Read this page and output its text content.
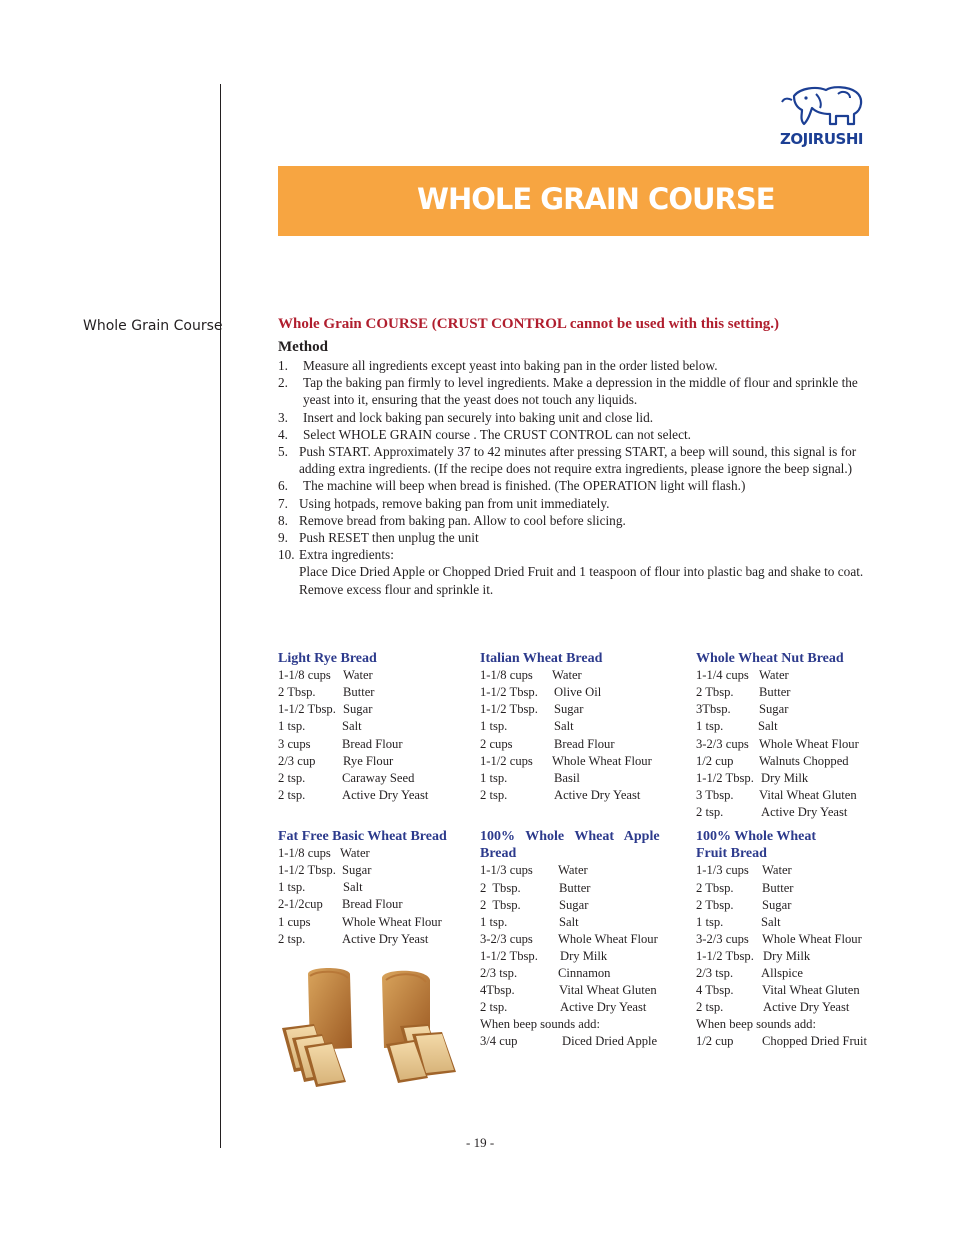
Whole Grain Course
ZOJIRUSHI
WHOLE GRAIN COURSE
Whole Grain COURSE (CRUST CONTROL cannot be used with this setting.)
Method
1.	Measure all ingredients except yeast into baking pan in the order listed below.
2.	Tap the baking pan firmly to level ingredients. Make a depression in the middle of flour and sprinkle the yeast into it, ensuring that the yeast does not touch any liquids.
3.	Insert and lock baking pan securely into baking unit and close lid.
4.	Select WHOLE GRAIN course . The CRUST CONTROL can not select.
5. Push START. Approximately 37 to 42 minutes after pressing START, a beep will sound, this signal is for adding extra ingredients. (If the recipe does not require extra ingredients, please ignore the beep signal.)
6.	The machine will beep when bread is finished. (The OPERATION light will flash.)
7. Using hotpads, remove baking pan from unit immediately.
8. Remove bread from baking pan. Allow to cool before slicing.
9. Push RESET then unplug the unit
10. Extra ingredients:
Place Dice Dried Apple or Chopped Dried Fruit and 1 teaspoon of flour into plastic bag and shake to coat. Remove excess flour and sprinkle it.
Light Rye Bread
1-1/8 cups Water
2 Tbsp.	Butter
1-1/2 Tbsp. Sugar
1 tsp.	Salt
3 cups	Bread Flour
2/3 cup	Rye Flour
2 tsp.	Caraway Seed
2 tsp.	Active Dry Yeast
Italian Wheat Bread
1-1/8 cups	Water
1-1/2 Tbsp.	Olive Oil
1-1/2 Tbsp.	Sugar
1 tsp.	Salt
2 cups	Bread Flour
1-1/2 cups	Whole Wheat Flour
1 tsp.	Basil
2 tsp.	Active Dry Yeast
Whole Wheat Nut Bread
1-1/4 cups Water
2 Tbsp.	Butter
3Tbsp.	Sugar
1 tsp.	Salt
3-2/3 cups Whole Wheat Flour
1/2 cup	Walnuts Chopped
1-1/2 Tbsp. Dry Milk
3 Tbsp.	Vital Wheat Gluten
2 tsp.	Active Dry Yeast
Fat Free Basic Wheat Bread
1-1/8 cups Water
1-1/2 Tbsp. Sugar
1 tsp.	Salt
2-1/2cup	Bread Flour
1 cups	Whole Wheat Flour
2 tsp.	Active Dry Yeast
100%   Whole   Wheat   Apple
Bread
1-1/3 cups	Water
2  Tbsp.	Butter
2  Tbsp.	Sugar
1 tsp.	Salt
3-2/3 cups	Whole Wheat Flour
1-1/2 Tbsp.	Dry Milk
2/3 tsp.	Cinnamon
4Tbsp.	Vital Wheat Gluten
2 tsp.	Active Dry Yeast
When beep sounds add:
3/4 cup	Diced Dried Apple
100% Whole Wheat
Fruit Bread
1-1/3 cups	Water
2 Tbsp.	Butter
2 Tbsp.	Sugar
1 tsp.	Salt
3-2/3 cups	Whole Wheat Flour
1-1/2 Tbsp. Dry Milk
2/3 tsp.	Allspice
4 Tbsp.	Vital Wheat Gluten
2 tsp.	Active Dry Yeast
When beep sounds add:
1/2 cup	Chopped Dried Fruit
- 19 -
